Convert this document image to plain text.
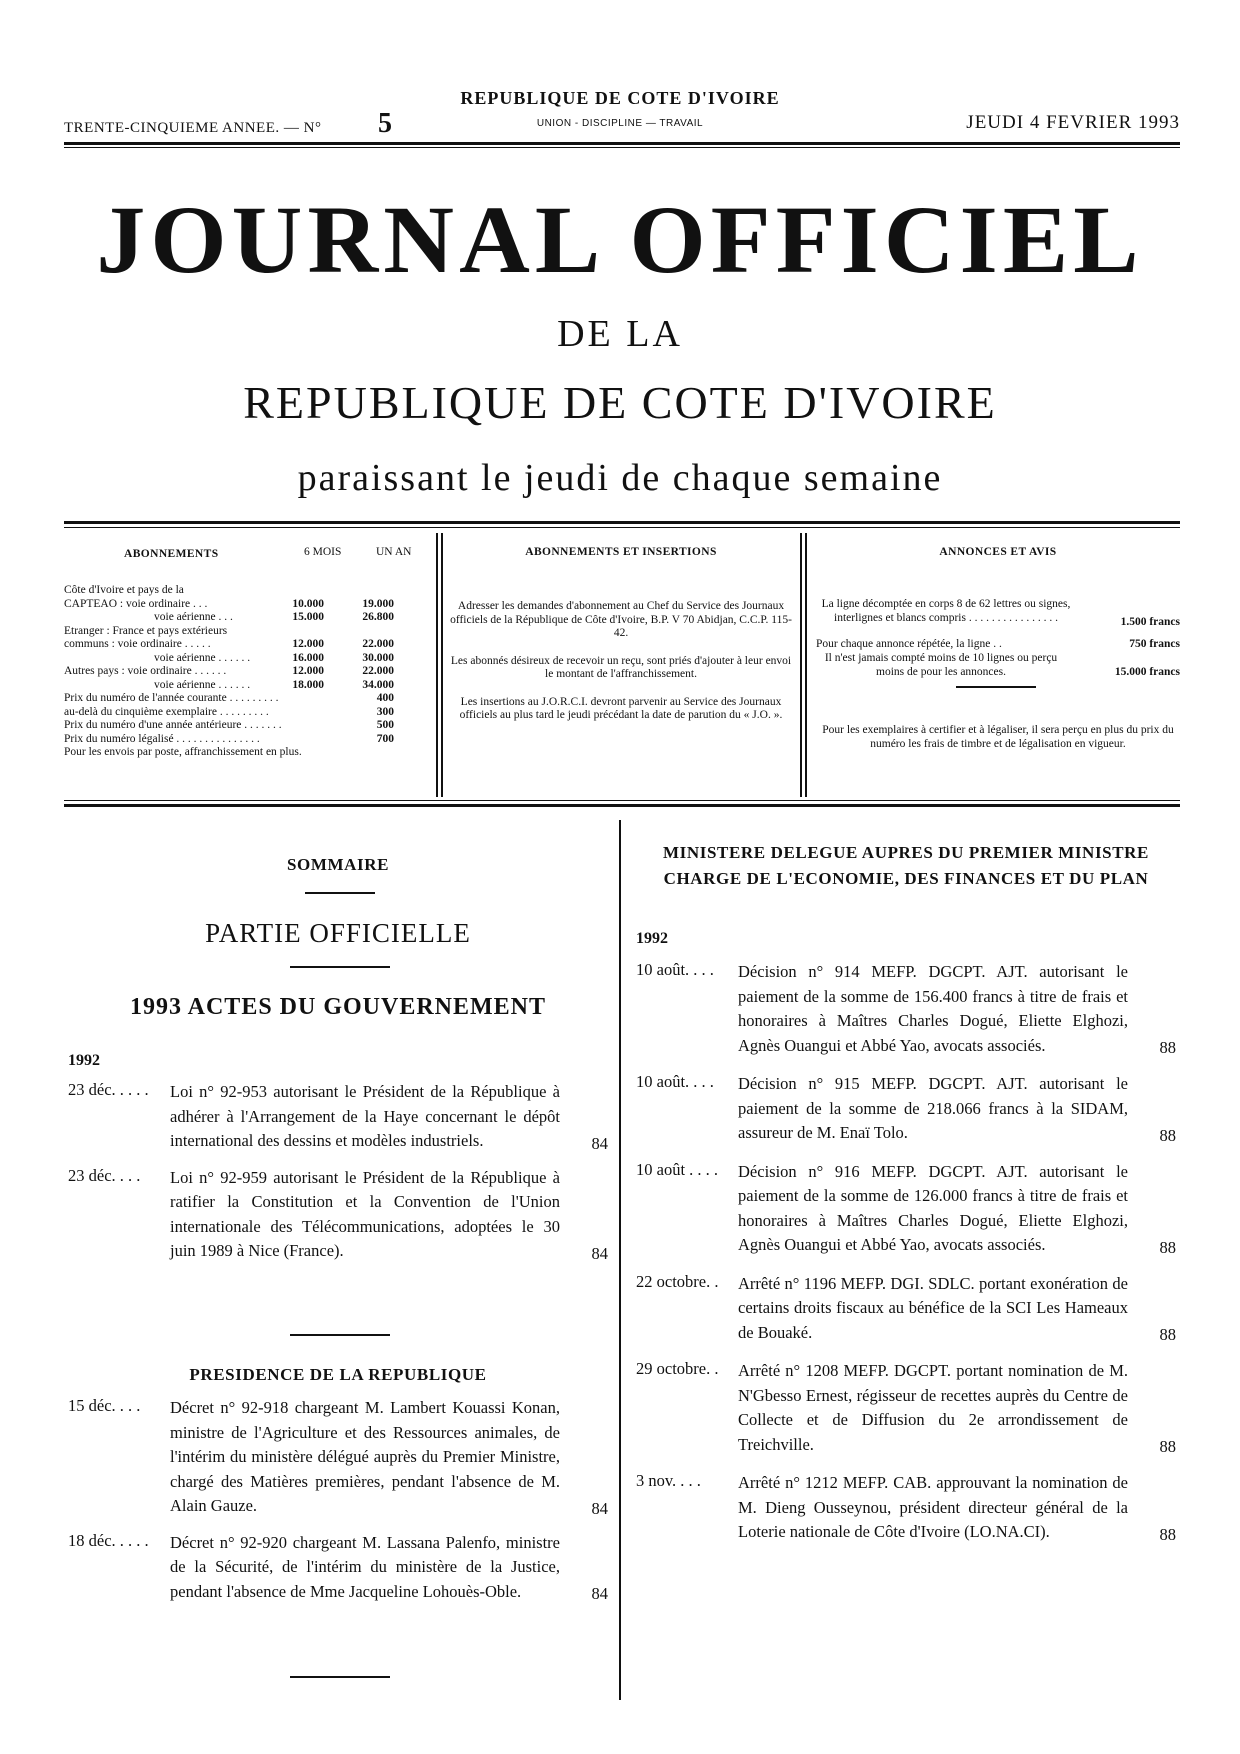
TRENTE-CINQUIEME ANNEE. — N° 5
REPUBLIQUE DE COTE D'IVOIRE
UNION - DISCIPLINE — TRAVAIL	JEUDI 4 FEVRIER 1993
JOURNAL OFFICIEL
DE LA
REPUBLIQUE DE COTE D'IVOIRE
paraissant le jeudi de chaque semaine
ABONNEMENTS	6 MOIS	UN AN
Côte d'Ivoire et pays de la
CAPTEAO : voie ordinaire . . .	10.000	19.000
voie aérienne . . .	15.000	26.800
Etranger : France et pays extérieurs
communs : voie ordinaire . . . . .	12.000	22.000
voie aérienne . . . . . .	16.000	30.000
Autres pays : voie ordinaire . . . . . .	12.000	22.000
voie aérienne . . . . . .	18.000	34.000
Prix du numéro de l'année courante . . . . . . . . .	400
au-delà du cinquième exemplaire . . . . . . . . .	300
Prix du numéro d'une année antérieure . . . . . . .	500
Prix du numéro légalisé . . . . . . . . . . . . . . .	700
Pour les envois par poste, affranchissement en plus.
ABONNEMENTS ET INSERTIONS
Adresser les demandes d'abonnement au Chef du Service des Journaux officiels de la République de Côte d'Ivoire, B.P. V 70 Abidjan, C.C.P. 115-42.
Les abonnés désireux de recevoir un reçu, sont priés d'ajouter à leur envoi le montant de l'affranchissement.
Les insertions au J.O.R.C.I. devront parvenir au Service des Journaux officiels au plus tard le jeudi précédant la date de parution du « J.O. ».
ANNONCES ET AVIS
La ligne décomptée en corps 8 de 62 lettres ou signes, interlignes et blancs compris . . . . . . . . . . . . . . . .	1.500 francs
Pour chaque annonce répétée, la ligne . .	750 francs
Il n'est jamais compté moins de 10 lignes ou perçu moins de pour les annonces.	15.000 francs
Pour les exemplaires à certifier et à légaliser, il sera perçu en plus du prix du numéro les frais de timbre et de légalisation en vigueur.
SOMMAIRE
PARTIE OFFICIELLE
1993 ACTES DU GOUVERNEMENT
1992
23 déc. . . . . Loi n° 92-953 autorisant le Président de la République à adhérer à l'Arrangement de la Haye concernant le dépôt international des dessins et modèles industriels.	84
23 déc. . . . Loi n° 92-959 autorisant le Président de la République à ratifier la Constitution et la Convention de l'Union internationale des Télécommunications, adoptées le 30 juin 1989 à Nice (France).	84
PRESIDENCE DE LA REPUBLIQUE
15 déc. . . . Décret n° 92-918 chargeant M. Lambert Kouassi Konan, ministre de l'Agriculture et des Ressources animales, de l'intérim du ministère délégué auprès du Premier Ministre, chargé des Matières premières, pendant l'absence de M. Alain Gauze.	84
18 déc. . . . . Décret n° 92-920 chargeant M. Lassana Palenfo, ministre de la Sécurité, de l'intérim du ministère de la Justice, pendant l'absence de Mme Jacqueline Lohouès-Oble.	84
MINISTERE DELEGUE AUPRES DU PREMIER MINISTRE CHARGE DE L'ECONOMIE, DES FINANCES ET DU PLAN
1992
10 août. . . . Décision n° 914 MEFP. DGCPT. AJT. autorisant le paiement de la somme de 156.400 francs à titre de frais et honoraires à Maîtres Charles Dogué, Eliette Elghozi, Agnès Ouangui et Abbé Yao, avocats associés.	88
10 août. . . . Décision n° 915 MEFP. DGCPT. AJT. autorisant le paiement de la somme de 218.066 francs à la SIDAM, assureur de M. Enaï Tolo.	88
10 août . . . . Décision n° 916 MEFP. DGCPT. AJT. autorisant le paiement de la somme de 126.000 francs à titre de frais et honoraires à Maîtres Charles Dogué, Eliette Elghozi, Agnès Ouangui et Abbé Yao, avocats associés.	88
22 octobre. . Arrêté n° 1196 MEFP. DGI. SDLC. portant exonération de certains droits fiscaux au bénéfice de la SCI Les Hameaux de Bouaké.	88
29 octobre. . Arrêté n° 1208 MEFP. DGCPT. portant nomination de M. N'Gbesso Ernest, régisseur de recettes auprès du Centre de Collecte et de Diffusion du 2e arrondissement de Treichville.	88
3 nov. . . . Arrêté n° 1212 MEFP. CAB. approuvant la nomination de M. Dieng Ousseynou, président directeur général de la Loterie nationale de Côte d'Ivoire (LO.NA.CI).	88
